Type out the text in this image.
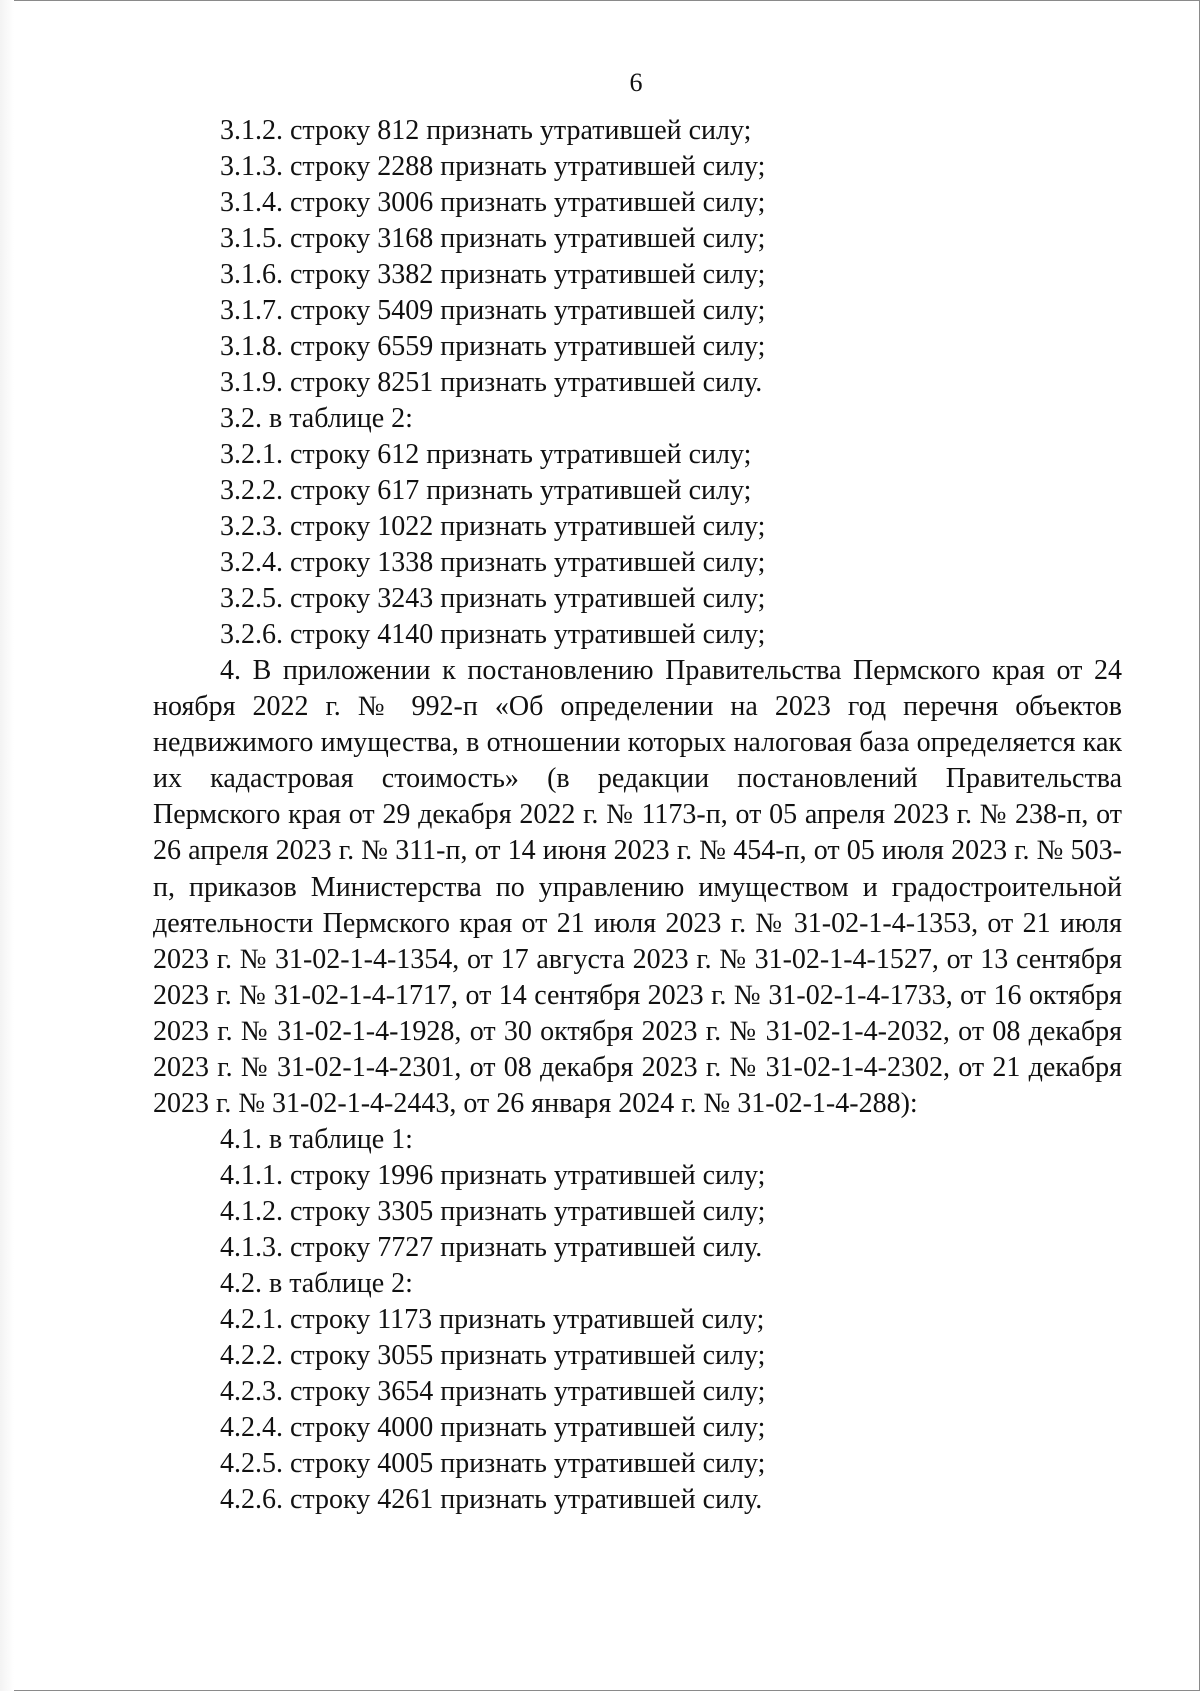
6
3.1.2. строку 812 признать утратившей силу;
3.1.3. строку 2288 признать утратившей силу;
3.1.4. строку 3006 признать утратившей силу;
3.1.5. строку 3168 признать утратившей силу;
3.1.6. строку 3382 признать утратившей силу;
3.1.7. строку 5409 признать утратившей силу;
3.1.8. строку 6559 признать утратившей силу;
3.1.9. строку 8251 признать утратившей силу.
3.2. в таблице 2:
3.2.1. строку 612 признать утратившей силу;
3.2.2. строку 617 признать утратившей силу;
3.2.3. строку 1022 признать утратившей силу;
3.2.4. строку 1338 признать утратившей силу;
3.2.5. строку 3243 признать утратившей силу;
3.2.6. строку 4140 признать утратившей силу;

4. В приложении к постановлению Правительства Пермского края от 24 ноября 2022 г. № 992-п «Об определении на 2023 год перечня объектов недвижимого имущества, в отношении которых налоговая база определяется как их кадастровая стоимость» (в редакции постановлений Правительства Пермского края от 29 декабря 2022 г. № 1173-п, от 05 апреля 2023 г. № 238-п, от 26 апреля 2023 г. № 311-п, от 14 июня 2023 г. № 454-п, от 05 июля 2023 г. № 503-п, приказов Министерства по управлению имуществом и градостроительной деятельности Пермского края от 21 июля 2023 г. № 31-02-1-4-1353, от 21 июля 2023 г. № 31-02-1-4-1354, от 17 августа 2023 г. № 31-02-1-4-1527, от 13 сентября 2023 г. № 31-02-1-4-1717, от 14 сентября 2023 г. № 31-02-1-4-1733, от 16 октября 2023 г. № 31-02-1-4-1928, от 30 октября 2023 г. № 31-02-1-4-2032, от 08 декабря 2023 г. № 31-02-1-4-2301, от 08 декабря 2023 г. № 31-02-1-4-2302, от 21 декабря 2023 г. № 31-02-1-4-2443, от 26 января 2024 г. № 31-02-1-4-288):

4.1. в таблице 1:
4.1.1. строку 1996 признать утратившей силу;
4.1.2. строку 3305 признать утратившей силу;
4.1.3. строку 7727 признать утратившей силу.
4.2. в таблице 2:
4.2.1. строку 1173 признать утратившей силу;
4.2.2. строку 3055 признать утратившей силу;
4.2.3. строку 3654 признать утратившей силу;
4.2.4. строку 4000 признать утратившей силу;
4.2.5. строку 4005 признать утратившей силу;
4.2.6. строку 4261 признать утратившей силу.
